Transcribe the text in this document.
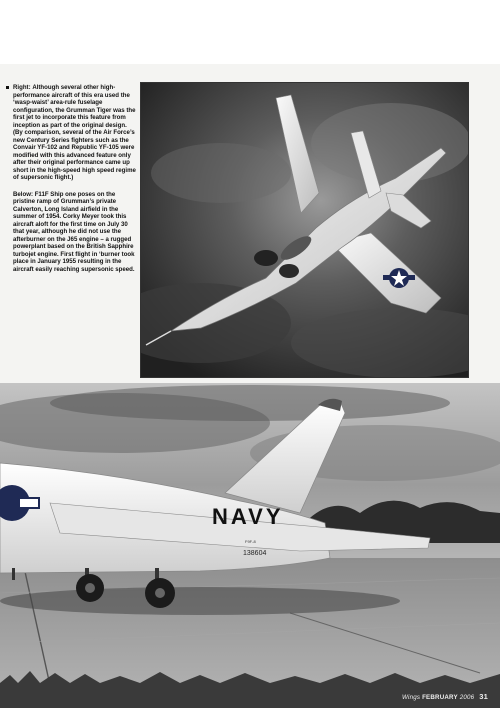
Right: Although several other high-performance aircraft of this era used the ‘wasp-waist’ area-rule fuselage configuration, the Grumman Tiger was the first jet to incorporate this feature from inception as part of the original design. (By comparison, several of the Air Force’s new Century Series fighters such as the Convair YF-102 and Republic YF-105 were modified with this advanced feature only after their original performance came up short in the high-speed high speed regime of supersonic flight.)

Below: F11F Ship one poses on the pristine ramp of Grumman’s private Calverton, Long Island airfield in the summer of 1954. Corky Meyer took this aircraft aloft for the first time on July 30 that year, although he did not use the afterburner on the J65 engine – a rugged powerplant based on the British Sapphire turbojet engine. First flight in ‘burner took place in January 1955 resulting in the aircraft easily reaching supersonic speed.

NAVY
138604
F9F-8
Wings FEBRUARY 2006 31
